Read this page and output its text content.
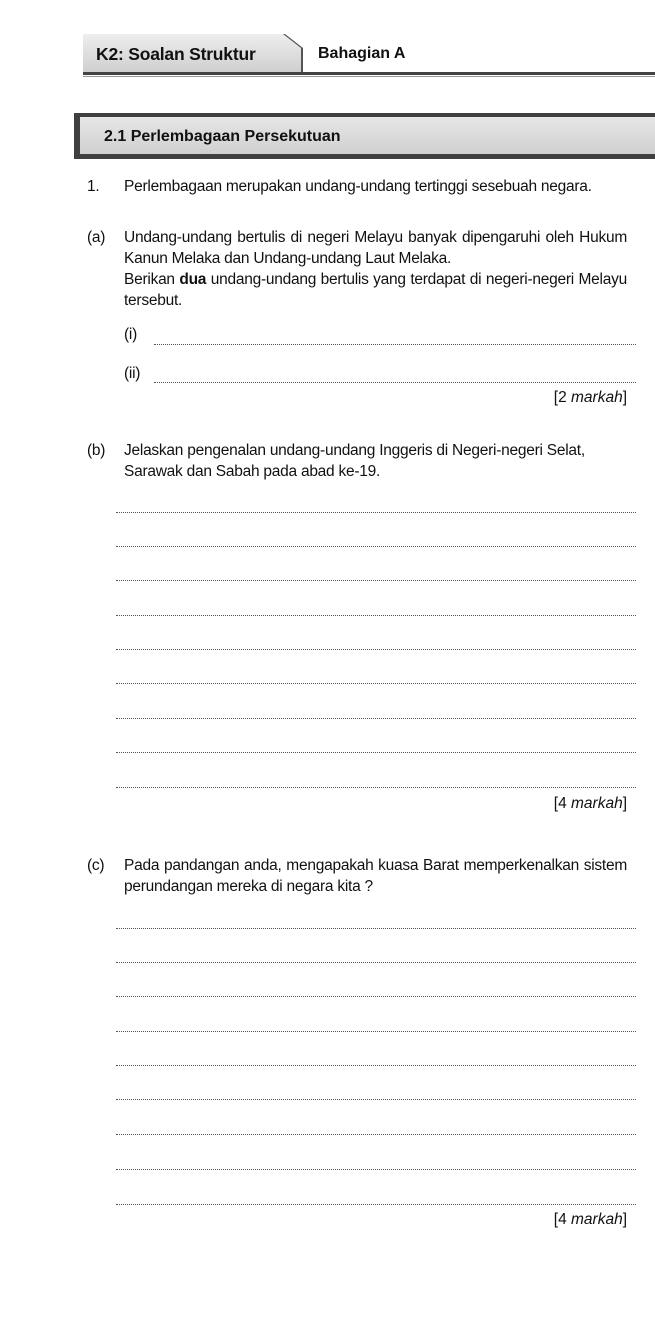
K2: Soalan Struktur	Bahagian A
2.1 Perlembagaan Persekutuan
1. Perlembagaan merupakan undang-undang tertinggi sesebuah negara.
(a) Undang-undang bertulis di negeri Melayu banyak dipengaruhi oleh Hukum Kanun Melaka dan Undang-undang Laut Melaka.
Berikan dua undang-undang bertulis yang terdapat di negeri-negeri Melayu tersebut.
(i)
(ii)
[2 markah]
(b) Jelaskan pengenalan undang-undang Inggeris di Negeri-negeri Selat, Sarawak dan Sabah pada abad ke-19.
[4 markah]
(c) Pada pandangan anda, mengapakah kuasa Barat memperkenalkan sistem perundangan mereka di negara kita ?
[4 markah]
